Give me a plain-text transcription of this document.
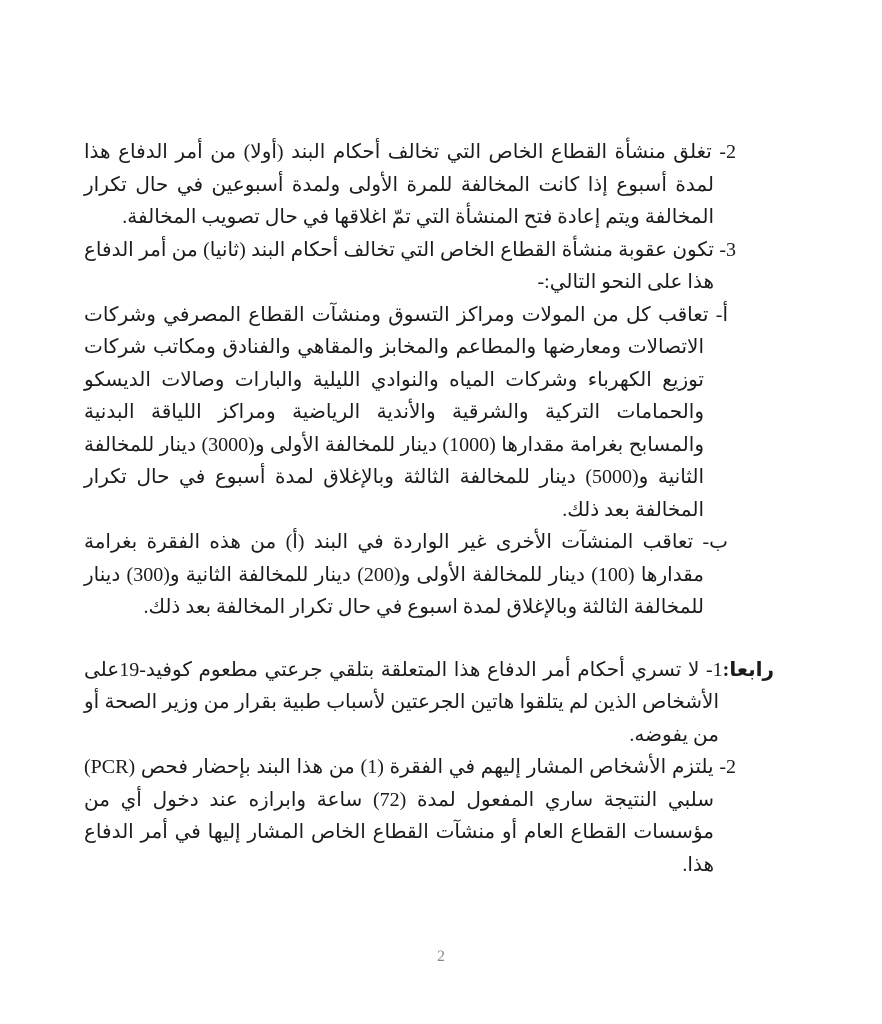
2- تغلق منشأة القطاع الخاص التي تخالف أحكام البند (أولا) من أمر الدفاع هذا لمدة أسبوع إذا كانت المخالفة للمرة الأولى ولمدة أسبوعين في حال تكرار المخالفة ويتم إعادة فتح المنشأة التي تمّ اغلاقها في حال تصويب المخالفة.

3- تكون عقوبة منشأة القطاع الخاص التي تخالف أحكام البند (ثانيا) من أمر الدفاع هذا على النحو التالي:-

أ- تعاقب كل من المولات ومراكز التسوق ومنشآت القطاع المصرفي وشركات الاتصالات ومعارضها والمطاعم والمخابز والمقاهي والفنادق ومكاتب شركات توزيع الكهرباء وشركات المياه والنوادي الليلية والبارات وصالات الديسكو والحمامات التركية والشرقية والأندية الرياضية ومراكز اللياقة البدنية والمسابح بغرامة مقدارها (1000) دينار للمخالفة الأولى و(3000) دينار للمخالفة الثانية و(5000) دينار للمخالفة الثالثة وبالإغلاق لمدة أسبوع في حال تكرار المخالفة بعد ذلك.

ب- تعاقب المنشآت الأخرى غير الواردة في البند (أ) من هذه الفقرة بغرامة مقدارها (100) دينار للمخالفة الأولى و(200) دينار للمخالفة الثانية و(300) دينار للمخالفة الثالثة وبالإغلاق لمدة اسبوع في حال تكرار المخالفة بعد ذلك.

رابعا:1- لا تسري أحكام أمر الدفاع هذا المتعلقة بتلقي جرعتي مطعوم كوفيد-19على الأشخاص الذين لم يتلقوا هاتين الجرعتين لأسباب طبية بقرار من وزير الصحة أو من يفوضه.

2- يلتزم الأشخاص المشار إليهم في الفقرة (1) من هذا البند بإحضار فحص (PCR) سلبي النتيجة ساري المفعول لمدة (72) ساعة وابرازه عند دخول أي من مؤسسات القطاع العام أو منشآت القطاع الخاص المشار إليها في أمر الدفاع هذا.

2
